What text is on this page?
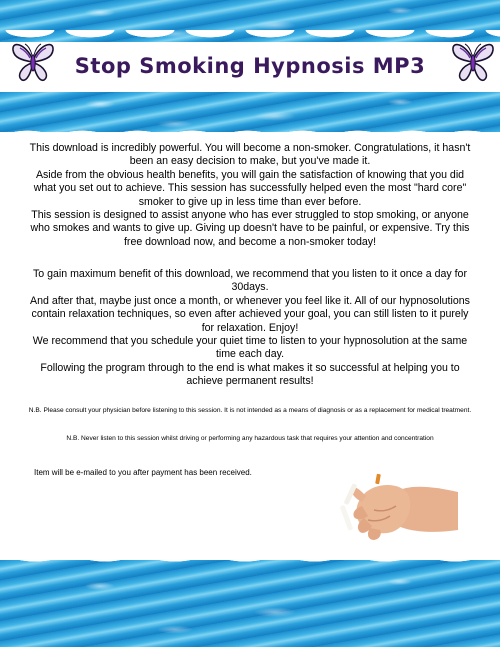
Stop Smoking Hypnosis MP3

This download is incredibly powerful. You will become a non-smoker. Congratulations, it hasn't been an easy decision to make, but you've made it.

Aside from the obvious health benefits, you will gain the satisfaction of knowing that you did what you set out to achieve. This session has successfully helped even the most "hard core" smoker to give up in less time than ever before.

This session is designed to assist anyone who has ever struggled to stop smoking, or anyone who smokes and wants to give up. Giving up doesn't have to be painful, or expensive. Try this free download now, and become a non-smoker today!

To gain maximum benefit of this download, we recommend that you listen to it once a day for 30days.

And after that, maybe just once a month, or whenever you feel like it. All of our hypnosolutions contain relaxation techniques, so even after achieved your goal, you can still listen to it purely for relaxation. Enjoy!

We recommend that you schedule your quiet time to listen to your hypnosolution at the same time each day.

Following the program through to the end is what makes it so successful at helping you to achieve permanent results!

N.B. Please consult your physician before listening to this session. It is not intended as a means of diagnosis or as a replacement for medical treatment.
N.B. Never listen to this session whilst driving or performing any hazardous task that requires your attention and concentration
Item will be e-mailed to you after payment has been received.
